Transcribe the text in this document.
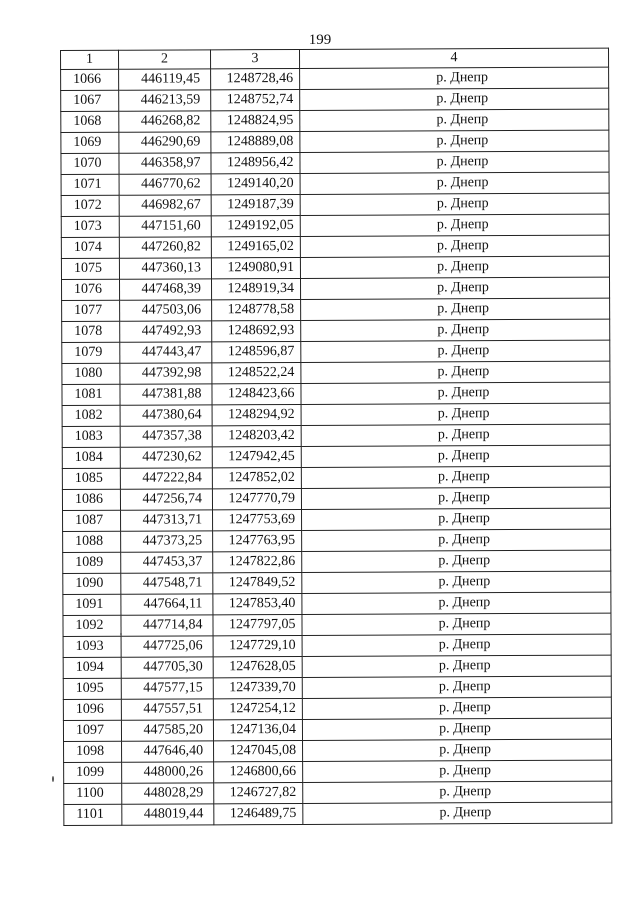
199
1	2	3	4
1066	446119,45	1248728,46	р. Днепр
1067	446213,59	1248752,74	р. Днепр
1068	446268,82	1248824,95	р. Днепр
1069	446290,69	1248889,08	р. Днепр
1070	446358,97	1248956,42	р. Днепр
1071	446770,62	1249140,20	р. Днепр
1072	446982,67	1249187,39	р. Днепр
1073	447151,60	1249192,05	р. Днепр
1074	447260,82	1249165,02	р. Днепр
1075	447360,13	1249080,91	р. Днепр
1076	447468,39	1248919,34	р. Днепр
1077	447503,06	1248778,58	р. Днепр
1078	447492,93	1248692,93	р. Днепр
1079	447443,47	1248596,87	р. Днепр
1080	447392,98	1248522,24	р. Днепр
1081	447381,88	1248423,66	р. Днепр
1082	447380,64	1248294,92	р. Днепр
1083	447357,38	1248203,42	р. Днепр
1084	447230,62	1247942,45	р. Днепр
1085	447222,84	1247852,02	р. Днепр
1086	447256,74	1247770,79	р. Днепр
1087	447313,71	1247753,69	р. Днепр
1088	447373,25	1247763,95	р. Днепр
1089	447453,37	1247822,86	р. Днепр
1090	447548,71	1247849,52	р. Днепр
1091	447664,11	1247853,40	р. Днепр
1092	447714,84	1247797,05	р. Днепр
1093	447725,06	1247729,10	р. Днепр
1094	447705,30	1247628,05	р. Днепр
1095	447577,15	1247339,70	р. Днепр
1096	447557,51	1247254,12	р. Днепр
1097	447585,20	1247136,04	р. Днепр
1098	447646,40	1247045,08	р. Днепр
1099	448000,26	1246800,66	р. Днепр
1100	448028,29	1246727,82	р. Днепр
1101	448019,44	1246489,75	р. Днепр
